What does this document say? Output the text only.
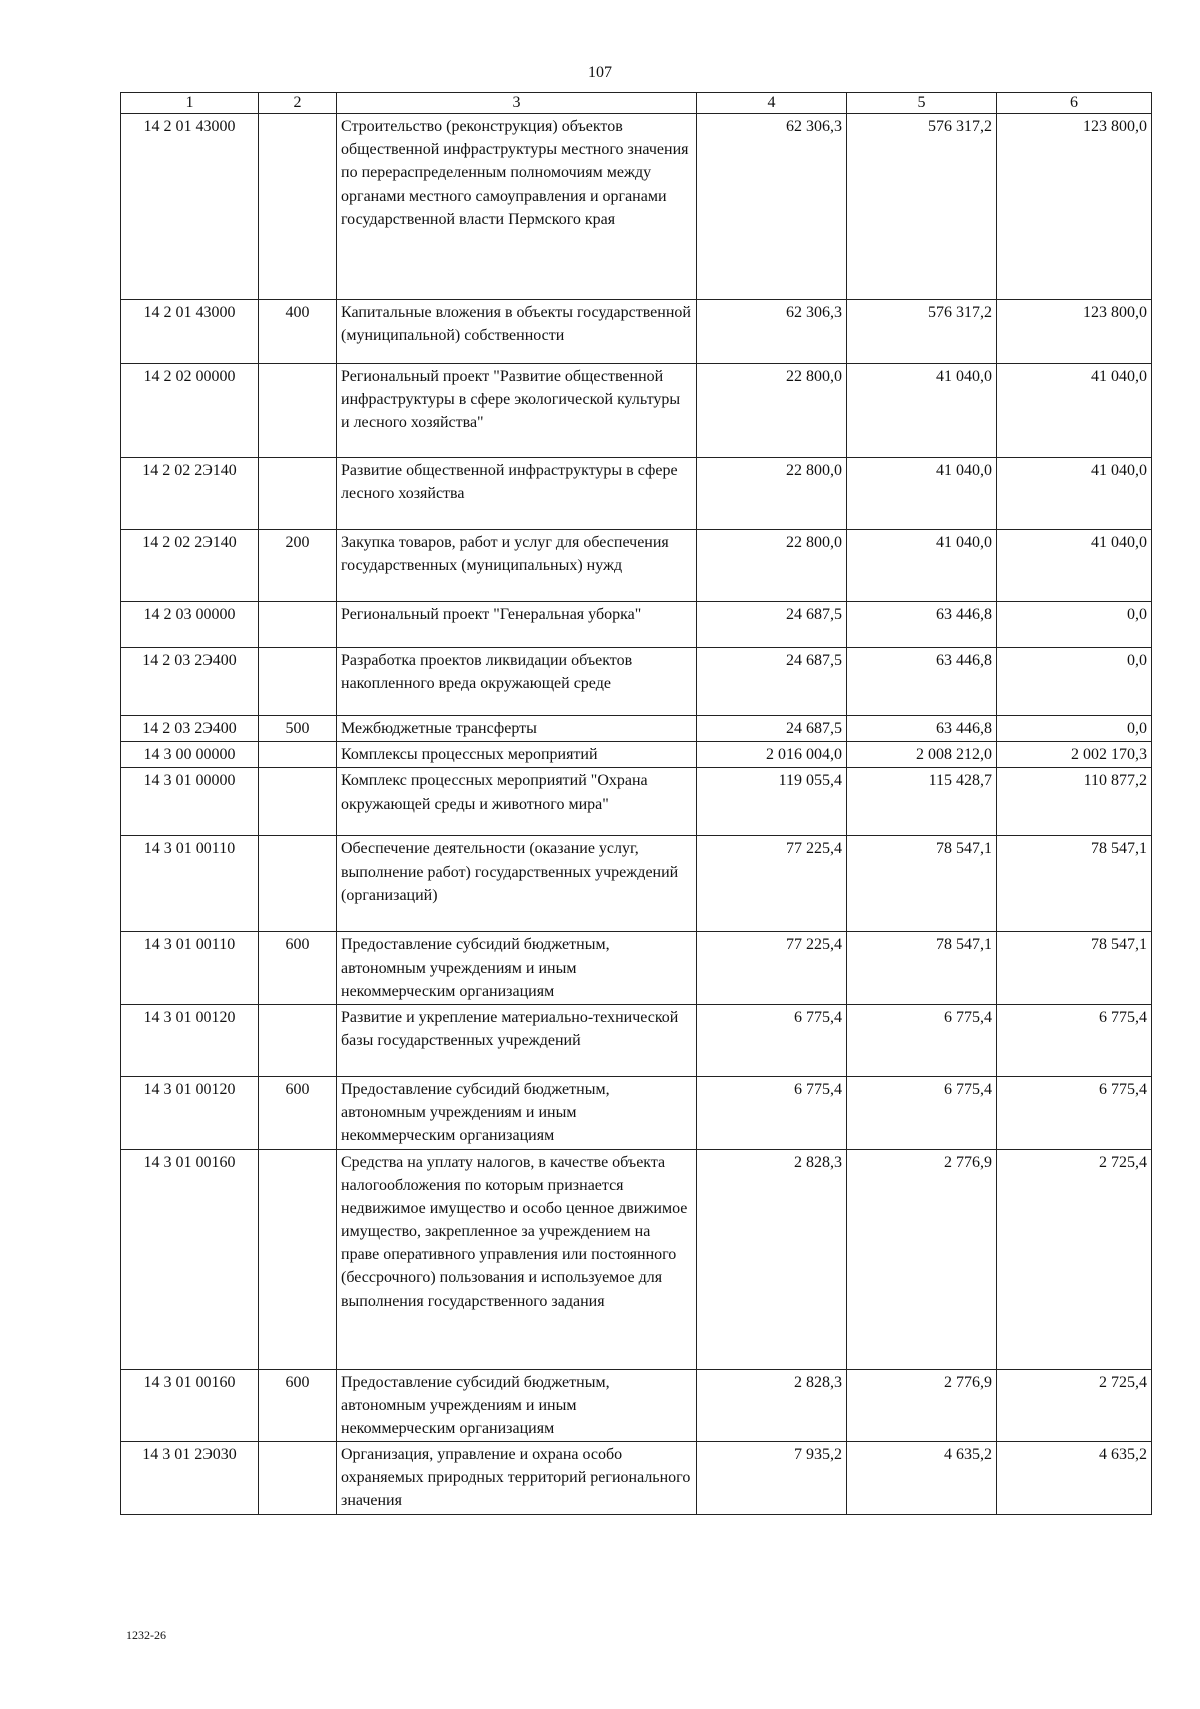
107
1	2	3	4	5	6
14 2 01 43000		Строительство (реконструкция) объектов общественной инфраструктуры местного значения по перераспределенным полномочиям между органами местного самоуправления и органами государственной власти Пермского края	62 306,3	576 317,2	123 800,0
14 2 01 43000	400	Капитальные вложения в объекты государственной (муниципальной) собственности	62 306,3	576 317,2	123 800,0
14 2 02 00000		Региональный проект "Развитие общественной инфраструктуры в сфере экологической культуры и лесного хозяйства"	22 800,0	41 040,0	41 040,0
14 2 02 2Э140		Развитие общественной инфраструктуры в сфере лесного хозяйства	22 800,0	41 040,0	41 040,0
14 2 02 2Э140	200	Закупка товаров, работ и услуг для обеспечения государственных (муниципальных) нужд	22 800,0	41 040,0	41 040,0
14 2 03 00000		Региональный проект "Генеральная уборка"	24 687,5	63 446,8	0,0
14 2 03 2Э400		Разработка проектов ликвидации объектов накопленного вреда окружающей среде	24 687,5	63 446,8	0,0
14 2 03 2Э400	500	Межбюджетные трансферты	24 687,5	63 446,8	0,0
14 3 00 00000		Комплексы процессных мероприятий	2 016 004,0	2 008 212,0	2 002 170,3
14 3 01 00000		Комплекс процессных мероприятий "Охрана окружающей среды и животного мира"	119 055,4	115 428,7	110 877,2
14 3 01 00110		Обеспечение деятельности (оказание услуг, выполнение работ) государственных учреждений (организаций)	77 225,4	78 547,1	78 547,1
14 3 01 00110	600	Предоставление субсидий бюджетным, автономным учреждениям и иным некоммерческим организациям	77 225,4	78 547,1	78 547,1
14 3 01 00120		Развитие и укрепление материально-технической базы государственных учреждений	6 775,4	6 775,4	6 775,4
14 3 01 00120	600	Предоставление субсидий бюджетным, автономным учреждениям и иным некоммерческим организациям	6 775,4	6 775,4	6 775,4
14 3 01 00160		Средства на уплату налогов, в качестве объекта налогообложения по которым признается недвижимое имущество и особо ценное движимое имущество, закрепленное за учреждением на праве оперативного управления или постоянного (бессрочного) пользования и используемое для выполнения государственного задания	2 828,3	2 776,9	2 725,4
14 3 01 00160	600	Предоставление субсидий бюджетным, автономным учреждениям и иным некоммерческим организациям	2 828,3	2 776,9	2 725,4
14 3 01 2Э030		Организация, управление и охрана особо охраняемых природных территорий регионального значения	7 935,2	4 635,2	4 635,2
1232-26
